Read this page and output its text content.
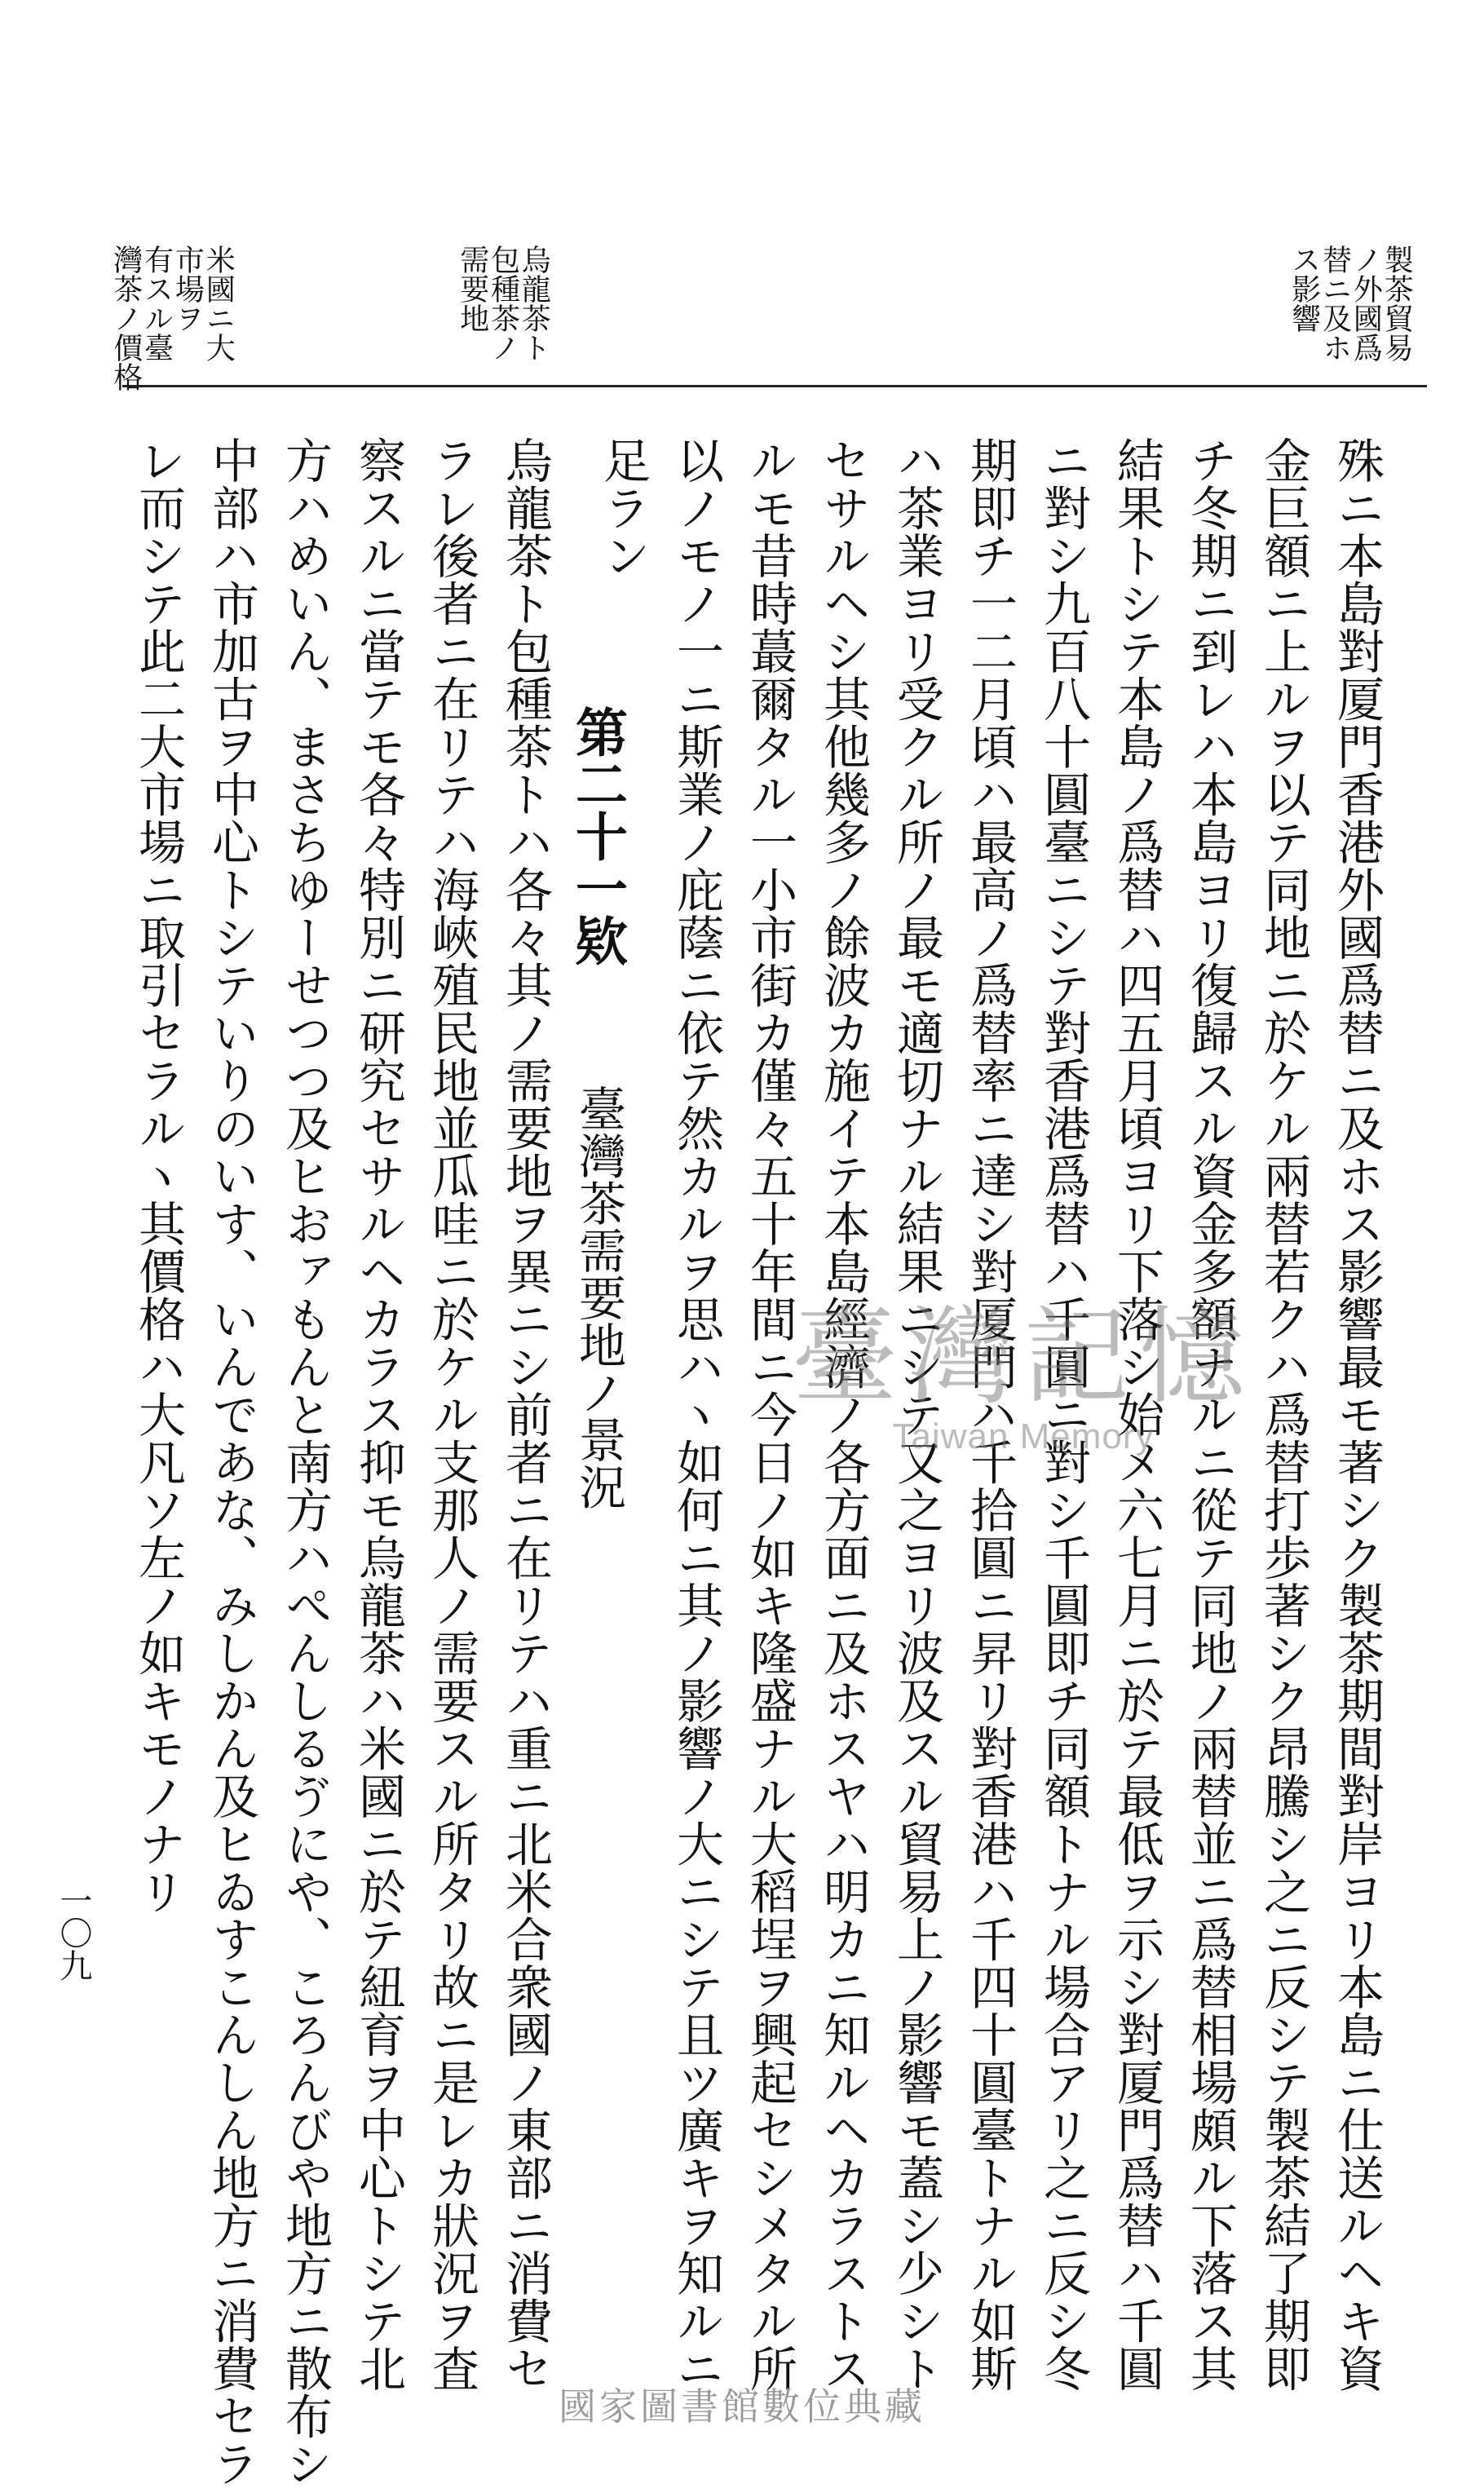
製茶貿易
ノ外國爲
替ニ及ホ
ス影響
烏龍茶ト
包種茶ノ
需要地
米國ニ大
市場ヲ
有スル臺
灣茶ノ價格
殊ニ本島對厦門香港外國爲替ニ及ホス影響最モ著シク製茶期間對岸ヨリ本島ニ仕送ルヘキ資
金巨額ニ上ルヲ以テ同地ニ於ケル兩替若クハ爲替打歩著シク昂騰シ之ニ反シテ製茶結了期即
チ冬期ニ到レハ本島ヨリ復歸スル資金多額ナルニ從テ同地ノ兩替並ニ爲替相場頗ル下落ス其
結果トシテ本島ノ爲替ハ四五月頃ヨリ下落シ始メ六七月ニ於テ最低ヲ示シ對厦門爲替ハ千圓
ニ對シ九百八十圓臺ニシテ對香港爲替ハ千圓ニ對シ千圓即チ同額トナル場合アリ之ニ反シ冬
期即チ一二月頃ハ最高ノ爲替率ニ達シ對厦門ハ千拾圓ニ昇リ對香港ハ千四十圓臺トナル如斯
ハ茶業ヨリ受クル所ノ最モ適切ナル結果ニシテ又之ヨリ波及スル貿易上ノ影響モ蓋シ少シト
セサルヘシ其他幾多ノ餘波カ施イテ本島經濟ノ各方面ニ及ホスヤハ明カニ知ルヘカラストス
ルモ昔時蕞爾タル一小市街カ僅々五十年間ニ今日ノ如キ隆盛ナル大稻埕ヲ興起セシメタル所
以ノモノ一ニ斯業ノ庇蔭ニ依テ然カルヲ思ハヽ如何ニ其ノ影響ノ大ニシテ且ツ廣キヲ知ルニ
足ラン
第二十一欵
臺灣茶需要地ノ景況
烏龍茶ト包種茶トハ各々其ノ需要地ヲ異ニシ前者ニ在リテハ重ニ北米合衆國ノ東部ニ消費セ
ラレ後者ニ在リテハ海峽殖民地並瓜哇ニ於ケル支那人ノ需要スル所タリ故ニ是レカ狀況ヲ査
察スルニ當テモ各々特別ニ研究セサルヘカラス抑モ烏龍茶ハ米國ニ於テ紐育ヲ中心トシテ北
方ハめいん、まさちゆーせつつ及ヒおァもんと南方ハぺんしるゔにや、ころんびや地方ニ散布シ
中部ハ市加古ヲ中心トシテいりのいす、いんであな、みしかん及ヒゐすこんしん地方ニ消費セラ
レ而シテ此二大市場ニ取引セラルヽ其價格ハ大凡ソ左ノ如キモノナリ
一〇九
臺灣記憶
Taiwan Memory
國家圖書館數位典藏
